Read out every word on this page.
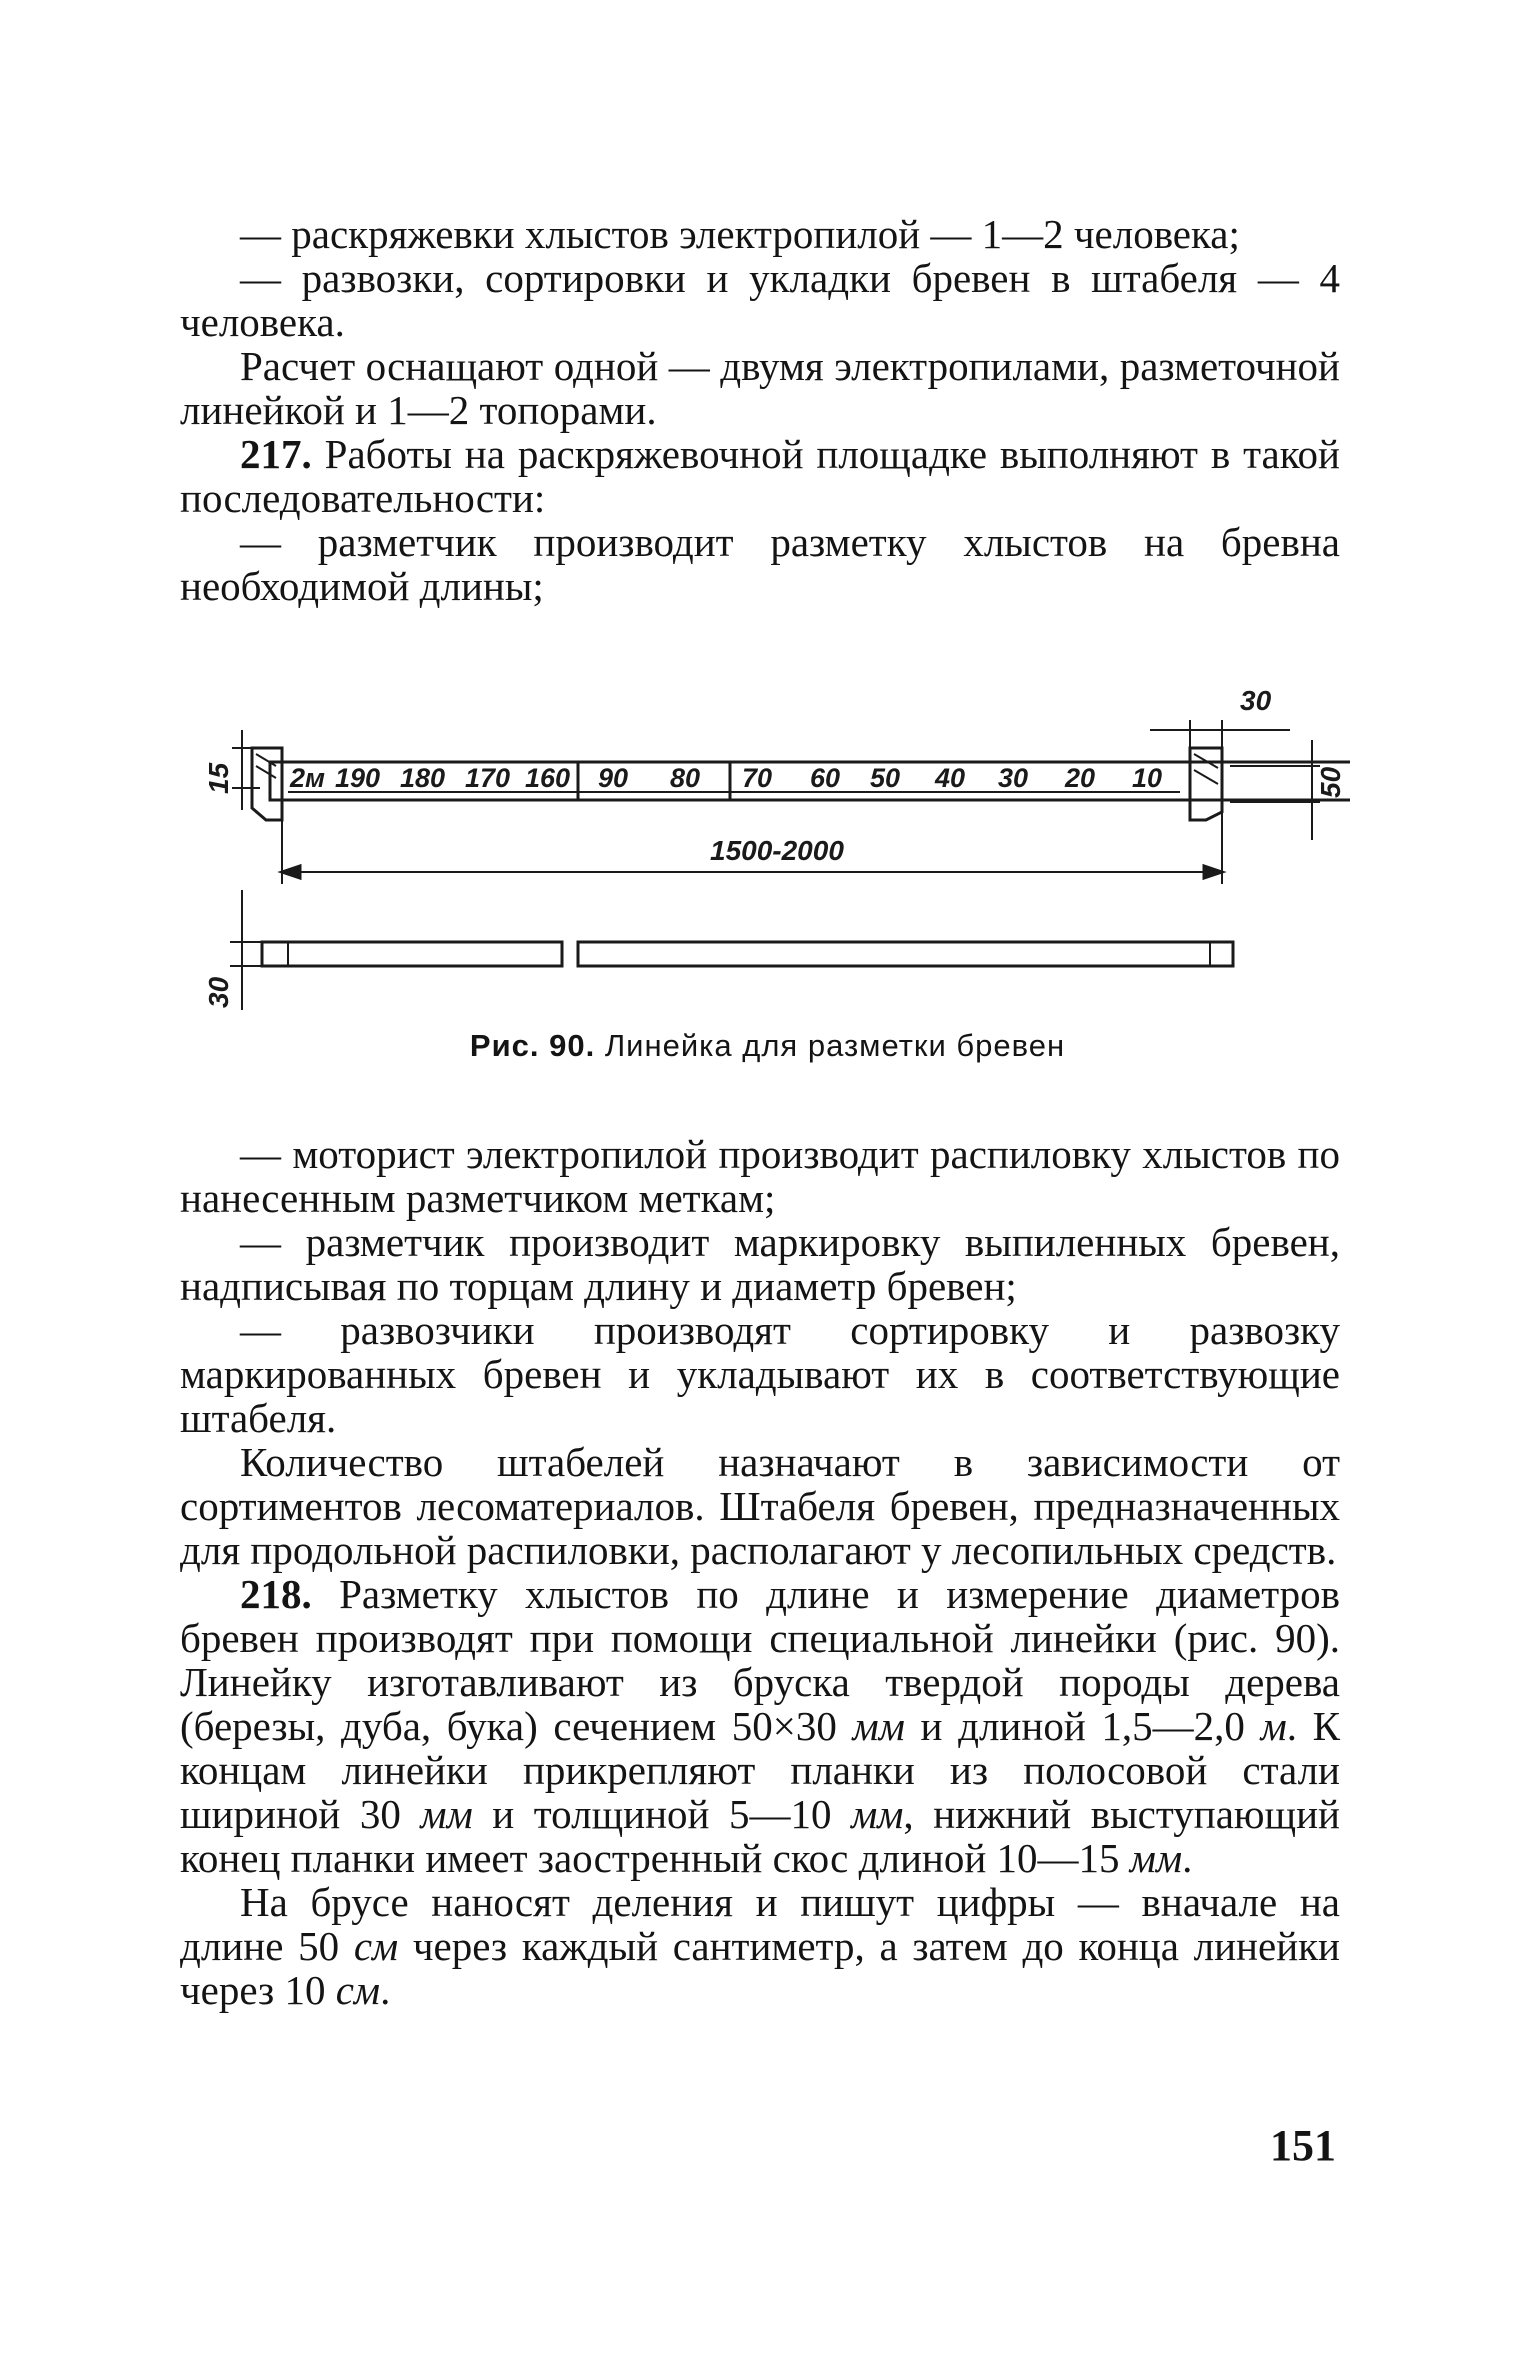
— раскряжевки хлыстов электропилой — 1—2 человека;

— развозки, сортировки и укладки бревен в штабеля — 4 человека.

Расчет оснащают одной — двумя электропилами, разметочной линейкой и 1—2 топорами.

217. Работы на раскряжевочной площадке выполняют в такой последовательности:

— разметчик производит разметку хлыстов на бревна необходимой длины;

2м 190 180 170 160 90 80 70 60 50 40 30 20 10
1500-2000
30
15	50
30
Рис. 90. Линейка для разметки бревен

— моторист электропилой производит распиловку хлыстов по нанесенным разметчиком меткам;

— разметчик производит маркировку выпиленных бревен, надписывая по торцам длину и диаметр бревен;

— развозчики производят сортировку и развозку маркированных бревен и укладывают их в соответствующие штабеля.

Количество штабелей назначают в зависимости от сортиментов лесоматериалов. Штабеля бревен, предназначенных для продольной распиловки, располагают у лесопильных средств.

218. Разметку хлыстов по длине и измерение диаметров бревен производят при помощи специальной линейки (рис. 90). Линейку изготавливают из бруска твердой породы дерева (березы, дуба, бука) сечением 50×30 мм и длиной 1,5—2,0 м. К концам линейки прикрепляют планки из полосовой стали шириной 30 мм и толщиной 5—10 мм, нижний выступающий конец планки имеет заостренный скос длиной 10—15 мм.

На брусе наносят деления и пишут цифры — вначале на длине 50 см через каждый сантиметр, а затем до конца линейки через 10 см.

151
